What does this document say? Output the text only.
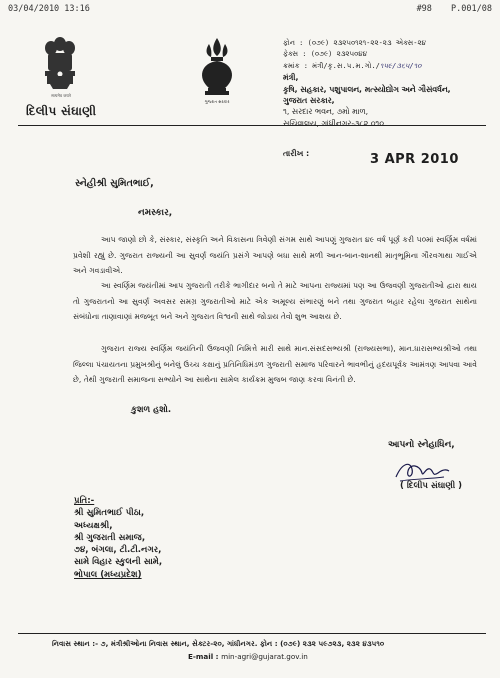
03/04/2010 13:16	#98 P.001/08
सत्यमेव जयते
દિલીપ સંઘાણી
ગુજરાત સરકાર
ફોન : (૦૭૯) ૨૩૨૫૦૧૨૧-૨૨-૨૩ એક્સ-૨૪
ફેક્સ : (૦૭૯) ૨૩૨૫૦૪૪
ક્રમાંક : મંત્રી/કૃ.સ.પ.મ.ગો./૧૫૯/૩૬૫/૧૦
મંત્રી,
કૃષિ, સહકાર, પશુપાલન, મત્સ્યોદ્યોગ અને ગૌસંવર્ધન,
ગુજરાત સરકાર,
૧, સરદાર ભવન, ૭મો માળ,
સચિવાલય, ગાંધીનગર-૩૮૨ ૦૧૦.
તારીખ :	3 APR 2010
સ્નેહીશ્રી સુમિતભાઈ,
નમસ્કાર,
આપ જાણો છો કે, સંસ્કાર, સંસ્કૃતિ અને વિકાસના ત્રિવેણી સંગમ સાથે આપણું ગુજરાત ૪૯ વર્ષ પૂર્ણ કરી ૫૦માં સ્વર્ણિમ વર્ષમાં પ્રવેશી રહ્યું છે. ગુજરાત રાજ્યની આ સુવર્ણ જયંતિ પ્રસંગે આપણે બધા સાથે મળી આન-બાન-શાનથી માતૃભૂમિના ગૌરવગાથા ગાઈએ અને ગવડાવીએ.
આ સ્વર્ણિમ જયંતીમાં આપ ગુજરાતી તરીકે ભાગીદાર બનો તે માટે આપના રાજ્યમાં પણ આ ઉજવણી ગુજરાતીઓ દ્વારા થાય તો ગુજરાતનો આ સુવર્ણ અવસર સમગ્ર ગુજરાતીઓ માટે એક અમૂલ્ય સંભારણું બને તથા ગુજરાત બહાર રહેલા ગુજરાત સાથેના સંબંધોના તાણાવાણાં મજબૂત બને અને ગુજરાત વિશ્વની સાથે જોડાય તેવો શુભ આશય છે.
ગુજરાત રાજ્ય સ્વર્ણિમ જયંતિની ઉજવણી નિમિત્તે મારી સાથે માન.સંસદસભ્યશ્રી (રાજ્યસભા), માન.ધારાસભ્યશ્રીઓ તથા જિલ્લા પંચાયતના પ્રમુખશ્રીનું બનેલું ઉચ્ચ કક્ષાનું પ્રતિનિધિમંડળ ગુજરાતી સમાજ પરિવારને ભાવભીનું હૃદયપૂર્વક આમંત્રણ આપવા આવે છે, તેથી ગુજરાતી સમાજના સભ્યોને આ સાથેના સામેલ કાર્યક્રમ મુજબ જાણ કરવા વિનંતી છે.
કુશળ હશો.
આપનો સ્નેહાધિન,
( દિલીપ સંઘાણી )
પ્રતિ:-
શ્રી સુમિતભાઈ પીઠા,
અધ્યક્ષશ્રી,
શ્રી ગુજરાતી સમાજ,
૭૪, બંગલા, ટી.ટી.નગર,
સામે વિહાર સ્કુલની સામે,
ભોપાલ (મધ્યપ્રદેશ)
નિવાસ સ્થાન :- ૭, મંત્રીશ્રીઓના નિવાસ સ્થાન, સેક્ટર-૨૦, ગાંધીનગર. ફોન : (૦૭૯) ૨૩૨ ૫૯૭૨૩, ૨૩૨ ૪૩૫૧૦
E-mail : min-agri@gujarat.gov.in
